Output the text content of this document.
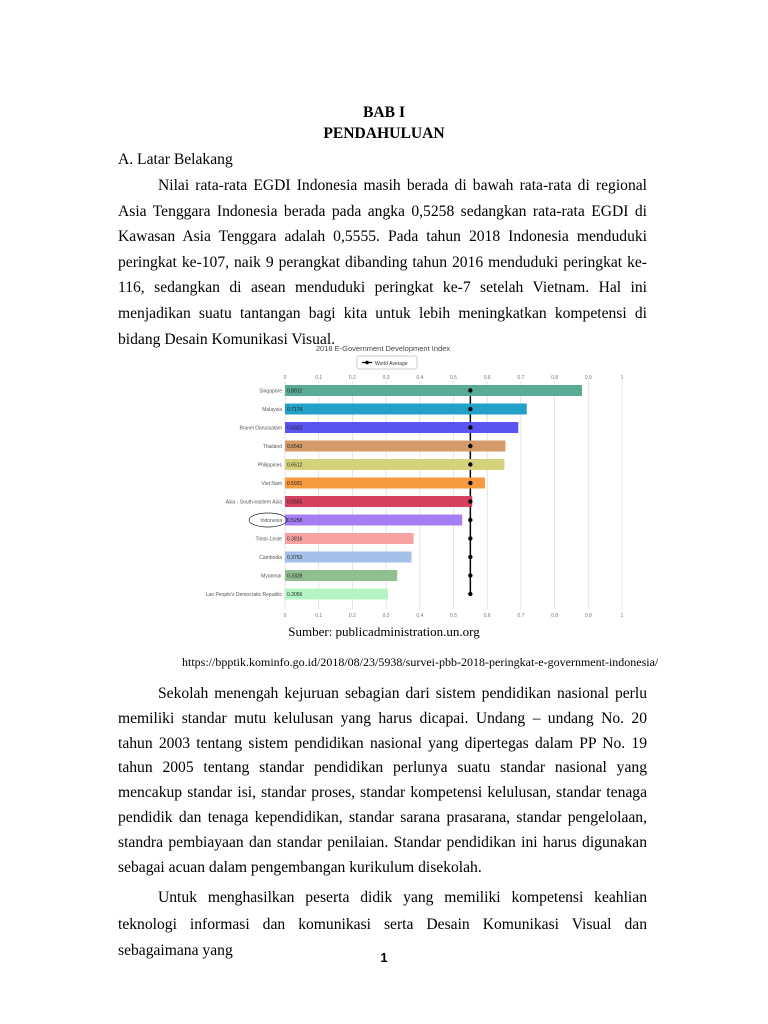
BAB I
PENDAHULUAN
A. Latar Belakang
Nilai rata-rata EGDI Indonesia masih berada di bawah rata-rata di regional Asia Tenggara Indonesia berada pada angka 0,5258 sedangkan rata-rata EGDI di Kawasan Asia Tenggara adalah 0,5555. Pada tahun 2018 Indonesia menduduki peringkat ke-107, naik 9 perangkat dibanding tahun 2016 menduduki peringkat ke-116, sedangkan di asean menduduki peringkat ke-7 setelah Vietnam. Hal ini menjadikan suatu tantangan bagi kita untuk lebih meningkatkan kompetensi di bidang Desain Komunikasi Visual.
2018 E-Government Development Index
World Average
0
0
0.1
0.1
0.2
0.2
0.3
0.3
0.4
0.4
0.5
0.5
0.6
0.6
0.7
0.7
0.8
0.8
0.9
0.9
1
1
Singapore 0.8812
Malaysia 0.7174
Brunei Darussalam 0.6923
Thailand 0.6543
Philippines 0.6512
Viet Nam 0.5931
Asia - South-eastern Asia 0.5555
Indonesia 0.5258
Timor-Leste 0.3816
Cambodia 0.3753
Myanmar 0.3328
Lao People's Democratic Republic 0.3056
Sumber: publicadministration.un.org
https://bpptik.kominfo.go.id/2018/08/23/5938/survei-pbb-2018-peringkat-e-government-indonesia/
Sekolah menengah kejuruan sebagian dari sistem pendidikan nasional perlu memiliki standar mutu kelulusan yang harus dicapai. Undang – undang No. 20 tahun 2003 tentang sistem pendidikan nasional yang dipertegas dalam PP No. 19 tahun 2005 tentang standar pendidikan perlunya suatu standar nasional yang mencakup standar isi, standar proses, standar kompetensi kelulusan, standar tenaga pendidik dan tenaga kependidikan, standar sarana prasarana, standar pengelolaan, standra pembiayaan dan standar penilaian. Standar pendidikan ini harus digunakan sebagai acuan dalam pengembangan kurikulum disekolah.
Untuk menghasilkan peserta didik yang memiliki kompetensi keahlian teknologi informasi dan komunikasi serta Desain Komunikasi Visual dan sebagaimana yang	1
